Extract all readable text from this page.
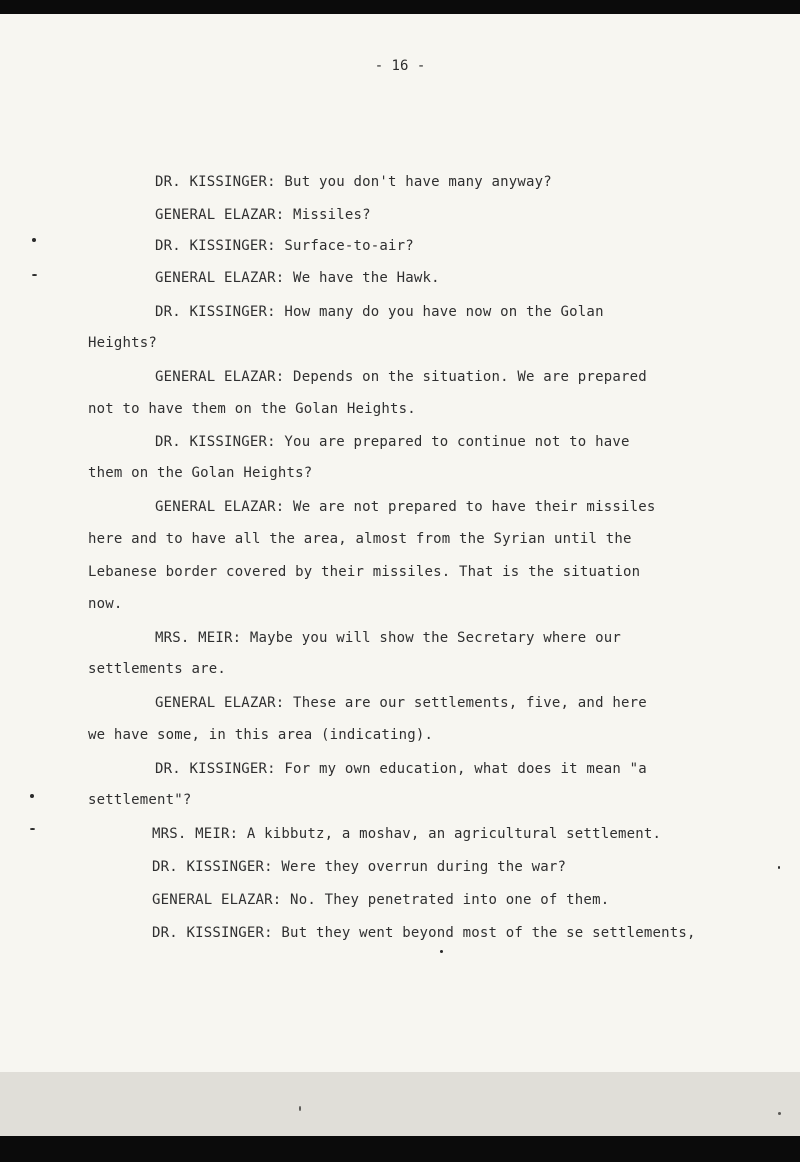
- 16 -
DR. KISSINGER: But you don't have many anyway?
GENERAL ELAZAR: Missiles?
DR. KISSINGER: Surface-to-air?
GENERAL ELAZAR: We have the Hawk.
DR. KISSINGER: How many do you have now on the Golan
Heights?
GENERAL ELAZAR: Depends on the situation. We are prepared
not to have them on the Golan Heights.
DR. KISSINGER: You are prepared to continue not to have
them on the Golan Heights?
GENERAL ELAZAR: We are not prepared to have their missiles
here and to have all the area, almost from the Syrian until the
Lebanese border covered by their missiles. That is the situation
now.
MRS. MEIR: Maybe you will show the Secretary where our
settlements are.
GENERAL ELAZAR: These are our settlements, five, and here
we have some, in this area (indicating).
DR. KISSINGER: For my own education, what does it mean "a
settlement"?
MRS. MEIR: A kibbutz, a moshav, an agricultural settlement.
DR. KISSINGER: Were they overrun during the war?
GENERAL ELAZAR: No. They penetrated into one of them.
DR. KISSINGER: But they went beyond most of the se settlements,
